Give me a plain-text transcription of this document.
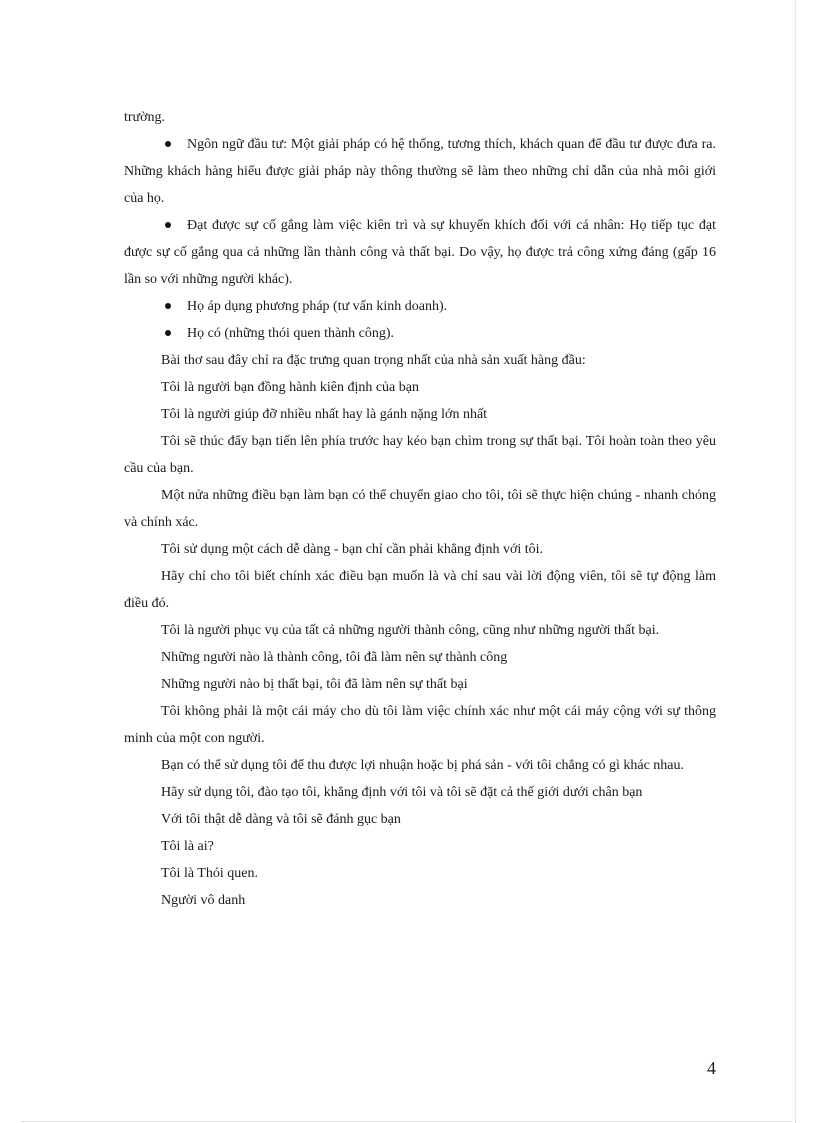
trường.

Ngôn ngữ đầu tư: Một giải pháp có hệ thống, tương thích, khách quan để đầu tư được đưa ra. Những khách hàng hiểu được giải pháp này thông thường sẽ làm theo những chỉ dẫn của nhà môi giới của họ.

Đạt được sự cố gắng làm việc kiên trì và sự khuyến khích đối với cá nhân: Họ tiếp tục đạt được sự cố gắng qua cả những lần thành công và thất bại. Do vậy, họ được trả công xứng đáng (gấp 16 lần so với những người khác).

Họ áp dụng phương pháp (tư vấn kinh doanh).

Họ có (những thói quen thành công).

Bài thơ sau đây chỉ ra đặc trưng quan trọng nhất của nhà sản xuất hàng đầu:

Tôi là người bạn đồng hành kiên định của bạn

Tôi là người giúp đỡ nhiều nhất hay là gánh nặng lớn nhất

Tôi sẽ thúc đẩy bạn tiến lên phía trước hay kéo bạn chìm trong sự thất bại. Tôi hoàn toàn theo yêu cầu của bạn.

Một nửa những điều bạn làm bạn có thể chuyển giao cho tôi, tôi sẽ thực hiện chúng - nhanh chóng và chính xác.

Tôi sử dụng một cách dễ dàng - bạn chỉ cần phải khẳng định với tôi.

Hãy chỉ cho tôi biết chính xác điều bạn muốn là và chỉ sau vài lời động viên, tôi sẽ tự động làm điều đó.

Tôi là người phục vụ của tất cả những người thành công, cũng như những người thất bại.

Những người nào là thành công, tôi đã làm nên sự thành công

Những người nào bị thất bại, tôi đã làm nên sự thất bại

Tôi không phải là một cái máy cho dù tôi làm việc chính xác như một cái máy cộng với sự thông minh của một con người.

Bạn có thể sử dụng tôi để thu được lợi nhuận hoặc bị phá sản - với tôi chẳng có gì khác nhau.

Hãy sử dụng tôi, đào tạo tôi, khẳng định với tôi và tôi sẽ đặt cả thế giới dưới chân bạn

Với tôi thật dễ dàng và tôi sẽ đánh gục bạn

Tôi là ai?

Tôi là Thói quen.

Người vô danh

4
